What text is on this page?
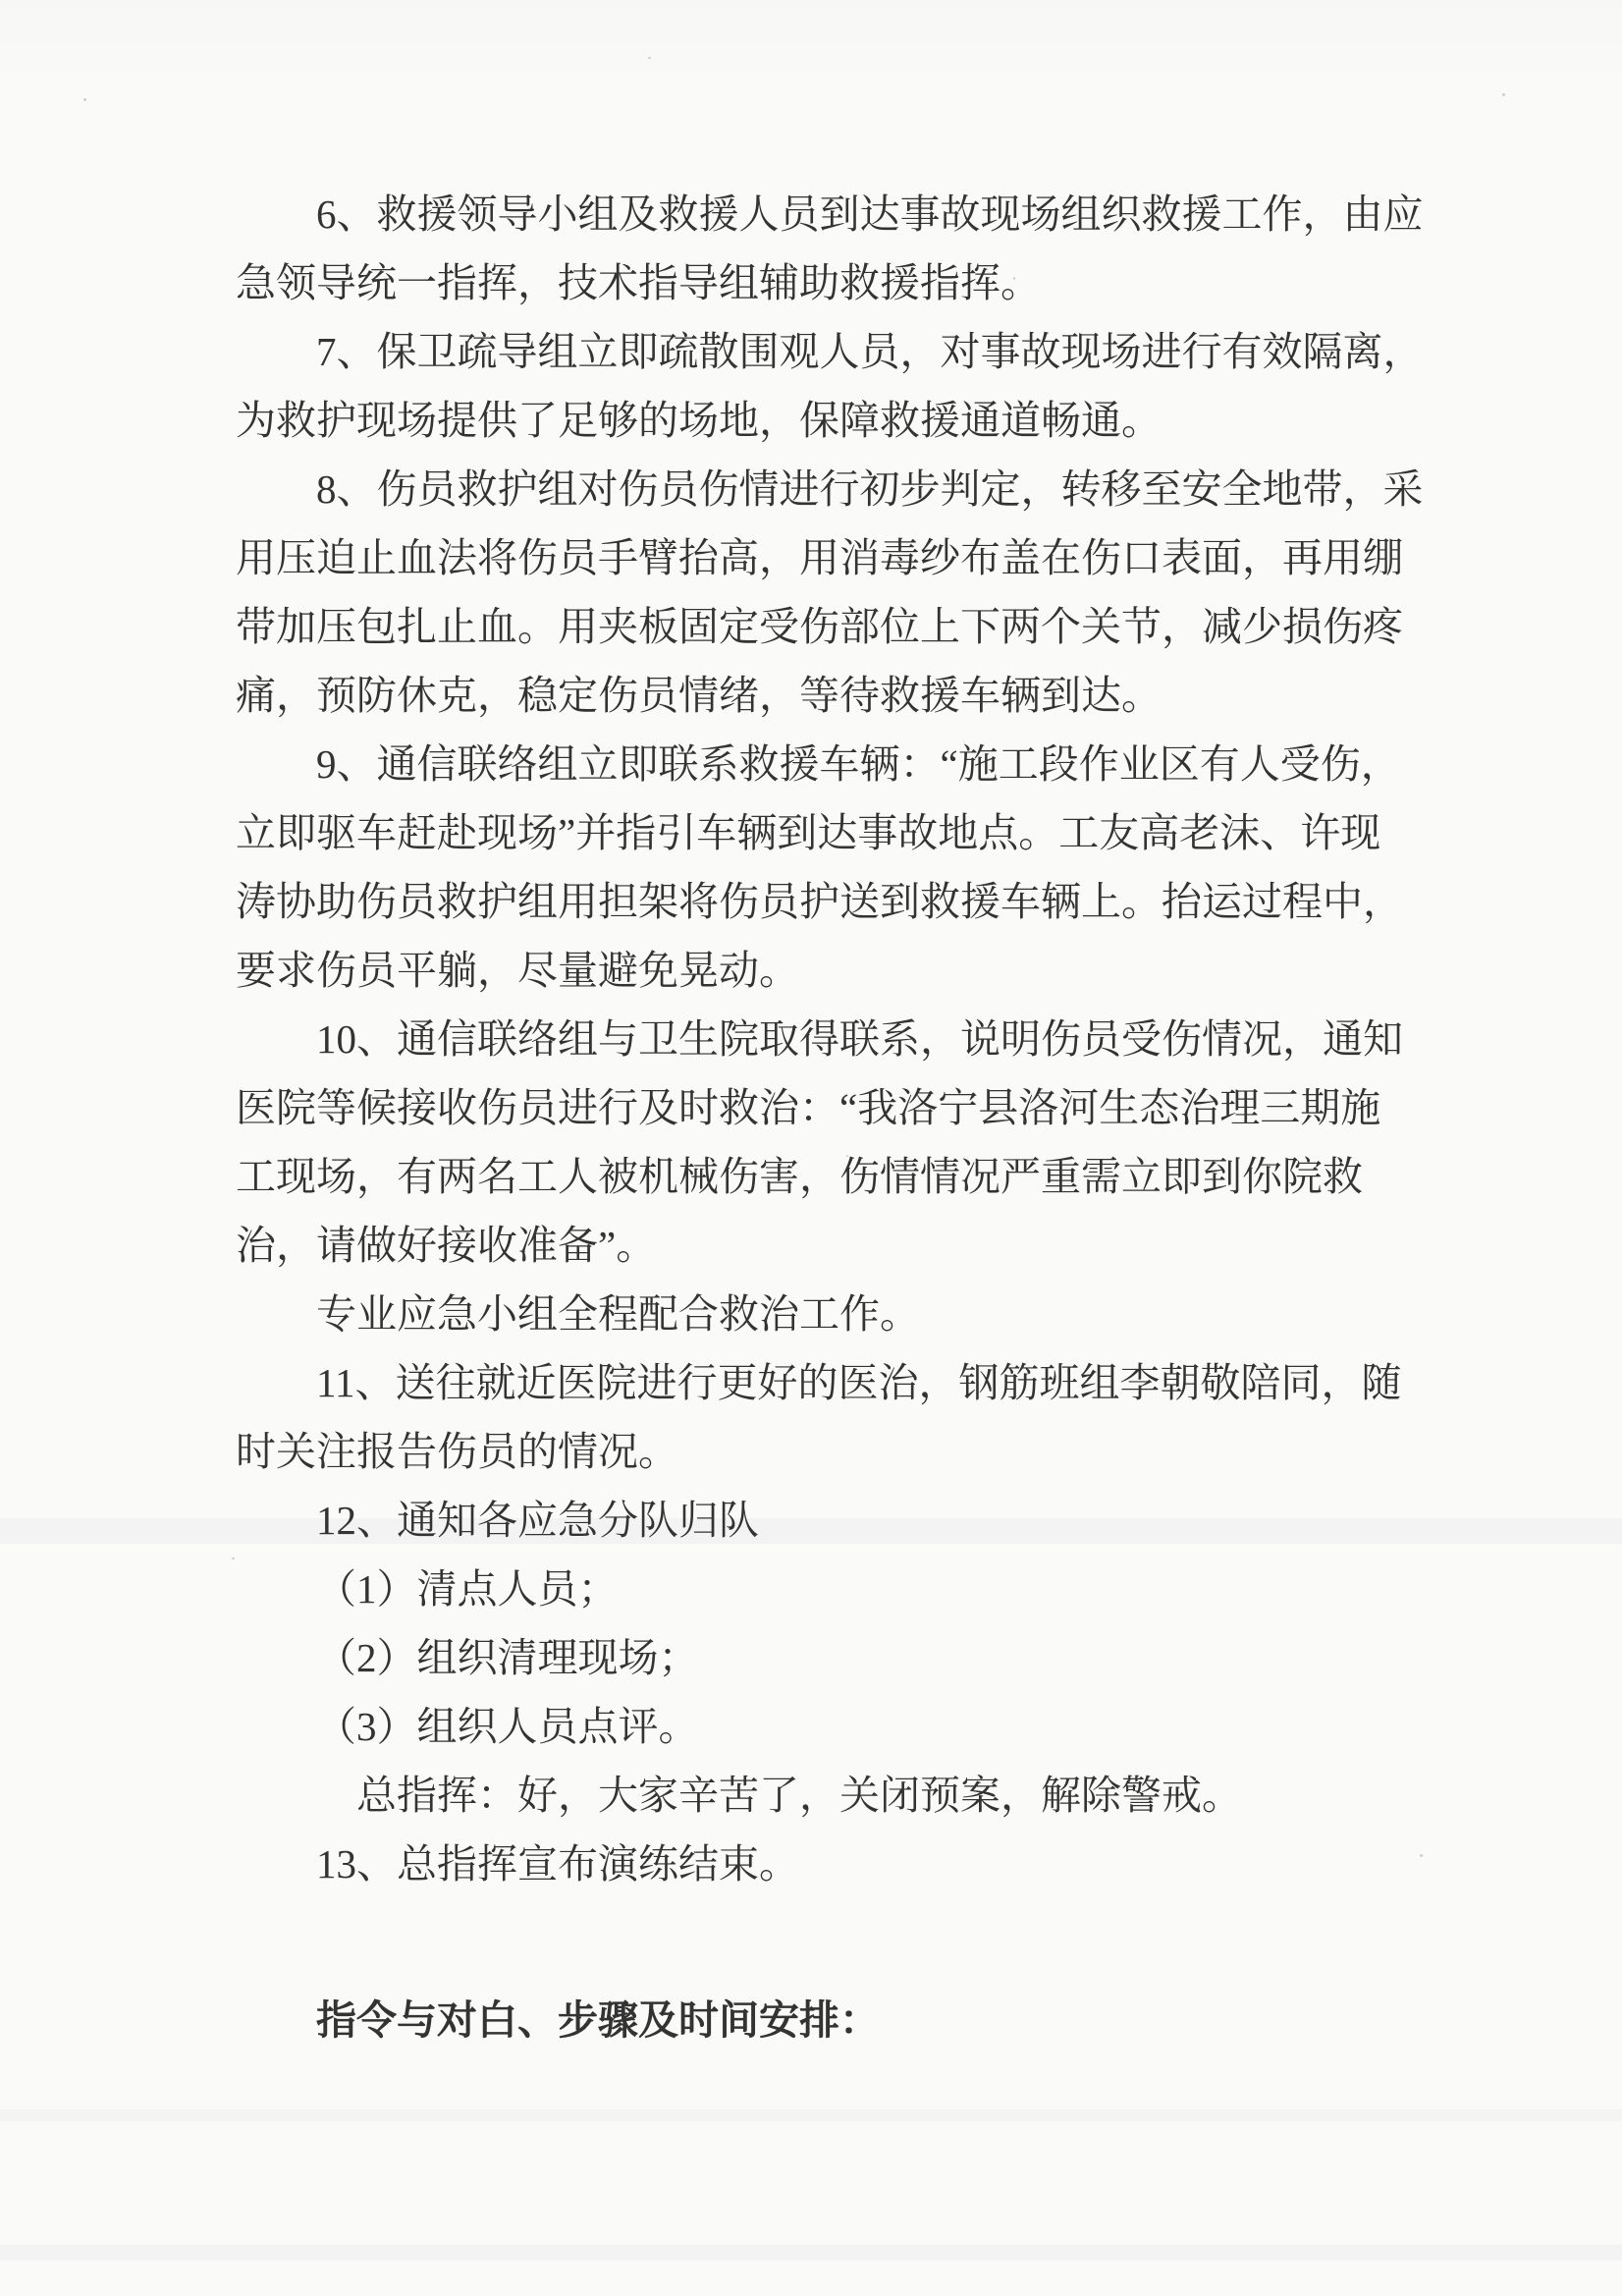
6、救援领导小组及救援人员到达事故现场组织救援工作，由应
急领导统一指挥，技术指导组辅助救援指挥。
7、保卫疏导组立即疏散围观人员，对事故现场进行有效隔离，
为救护现场提供了足够的场地，保障救援通道畅通。
8、伤员救护组对伤员伤情进行初步判定，转移至安全地带，采
用压迫止血法将伤员手臂抬高，用消毒纱布盖在伤口表面，再用绷
带加压包扎止血。用夹板固定受伤部位上下两个关节，减少损伤疼
痛，预防休克，稳定伤员情绪，等待救援车辆到达。
9、通信联络组立即联系救援车辆：“施工段作业区有人受伤，
立即驱车赶赴现场”并指引车辆到达事故地点。工友高老沫、许现
涛协助伤员救护组用担架将伤员护送到救援车辆上。抬运过程中，
要求伤员平躺，尽量避免晃动。
10、通信联络组与卫生院取得联系，说明伤员受伤情况，通知
医院等候接收伤员进行及时救治：“我洛宁县洛河生态治理三期施
工现场，有两名工人被机械伤害，伤情情况严重需立即到你院救
治，请做好接收准备”。
专业应急小组全程配合救治工作。
11、送往就近医院进行更好的医治，钢筋班组李朝敬陪同，随
时关注报告伤员的情况。
12、通知各应急分队归队
（1）清点人员；
（2）组织清理现场；
（3）组织人员点评。
总指挥：好，大家辛苦了，关闭预案，解除警戒。
13、总指挥宣布演练结束。
指令与对白、步骤及时间安排：
